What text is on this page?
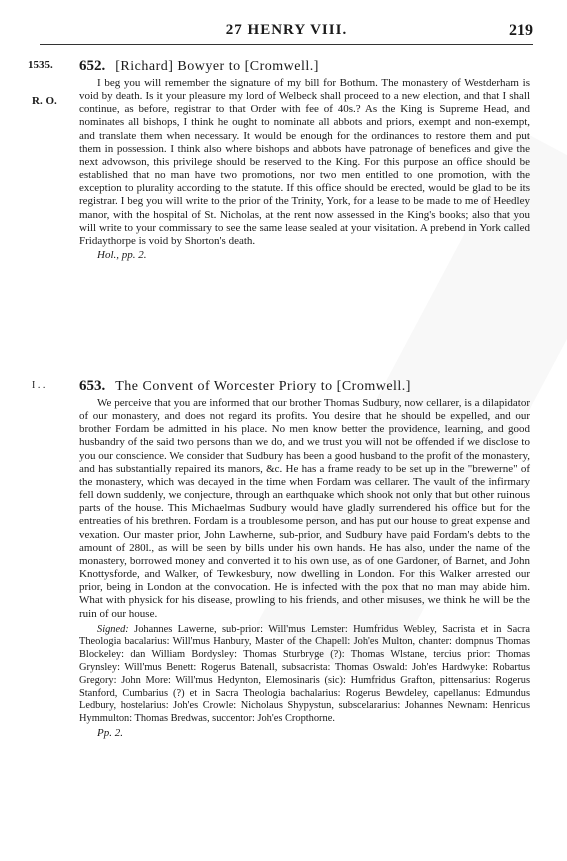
27 HENRY VIII.	219
1535.
R. O.
I . .

652. [Richard] Bowyer to [Cromwell.]

I beg you will remember the signature of my bill for Bothum. The monastery of Westderham is void by death. Is it your pleasure my lord of Welbeck shall proceed to a new election, and that I shall continue, as before, registrar to that Order with fee of 40s.? As the King is Supreme Head, and nominates all bishops, I think he ought to nominate all abbots and priors, exempt and non-exempt, and translate them when necessary. It would be enough for the ordinances to restore them and put them in possession. I think also where bishops and abbots have patronage of benefices and give the next advowson, this privilege should be reserved to the King. For this purpose an office should be established that no man have two promotions, nor two men entitled to one promotion, with the exception to plurality according to the statute. If this office should be erected, would be glad to be its registrar. I beg you will write to the prior of the Trinity, York, for a lease to be made to me of Heedley manor, with the hospital of St. Nicholas, at the rent now assessed in the King's books; also that you will write to your commissary to see the same lease sealed at your visitation. A prebend in York called Fridaythorpe is void by Shorton's death.

Hol., pp. 2.

653. The Convent of Worcester Priory to [Cromwell.]

We perceive that you are informed that our brother Thomas Sudbury, now cellarer, is a dilapidator of our monastery, and does not regard its profits. You desire that he should be expelled, and our brother Fordam be admitted in his place. No men know better the providence, learning, and good husbandry of the said two persons than we do, and we trust you will not be offended if we disclose to you our conscience. We consider that Sudbury has been a good husband to the profit of the monastery, and has substantially repaired its manors, &c. He has a frame ready to be set up in the "brewerne" of the monastery, which was decayed in the time when Fordam was cellarer. The vault of the infirmary fell down suddenly, we conjecture, through an earthquake which shook not only that but other ruinous parts of the house. This Michaelmas Sudbury would have gladly surrendered his office but for the entreaties of his brethren. Fordam is a troublesome person, and has put our house to great expense and vexation. Our master prior, John Lawherne, sub-prior, and Sudbury have paid Fordam's debts to the amount of 280l., as will be seen by bills under his own hands. He has also, under the name of the monastery, borrowed money and converted it to his own use, as of one Gardoner, of Barnet, and John Knottysforde, and Walker, of Tewkesbury, now dwelling in London. For this Walker arrested our prior, being in London at the convocation. He is infected with the pox that no man may abide him. What with physick for his disease, prowling to his friends, and other misuses, we think he will be the ruin of our house.

Signed: Johannes Lawerne, sub-prior: Will'mus Lemster: Humfridus Webley, Sacrista et in Sacra Theologia bacalarius: Will'mus Hanbury, Master of the Chapell: Joh'es Multon, chanter: dompnus Thomas Blockeley: dan William Bordysley: Thomas Sturbryge (?): Thomas Wlstane, tercius prior: Thomas Grynsley: Will'mus Benett: Rogerus Batenall, subsacrista: Thomas Oswald: Joh'es Hardwyke: Robartus Gregory: John More: Will'mus Hedynton, Elemosinaris (sic): Humfridus Grafton, pittensarius: Rogerus Stanford, Cumbarius (?) et in Sacra Theologia bachalarius: Rogerus Bewdeley, capellanus: Edmundus Ledbury, hostelarius: Joh'es Crowle: Nicholaus Shypystun, subscelararius: Johannes Newnam: Henricus Hymmulton: Thomas Bredwas, succentor: Joh'es Cropthorne.

Pp. 2.
